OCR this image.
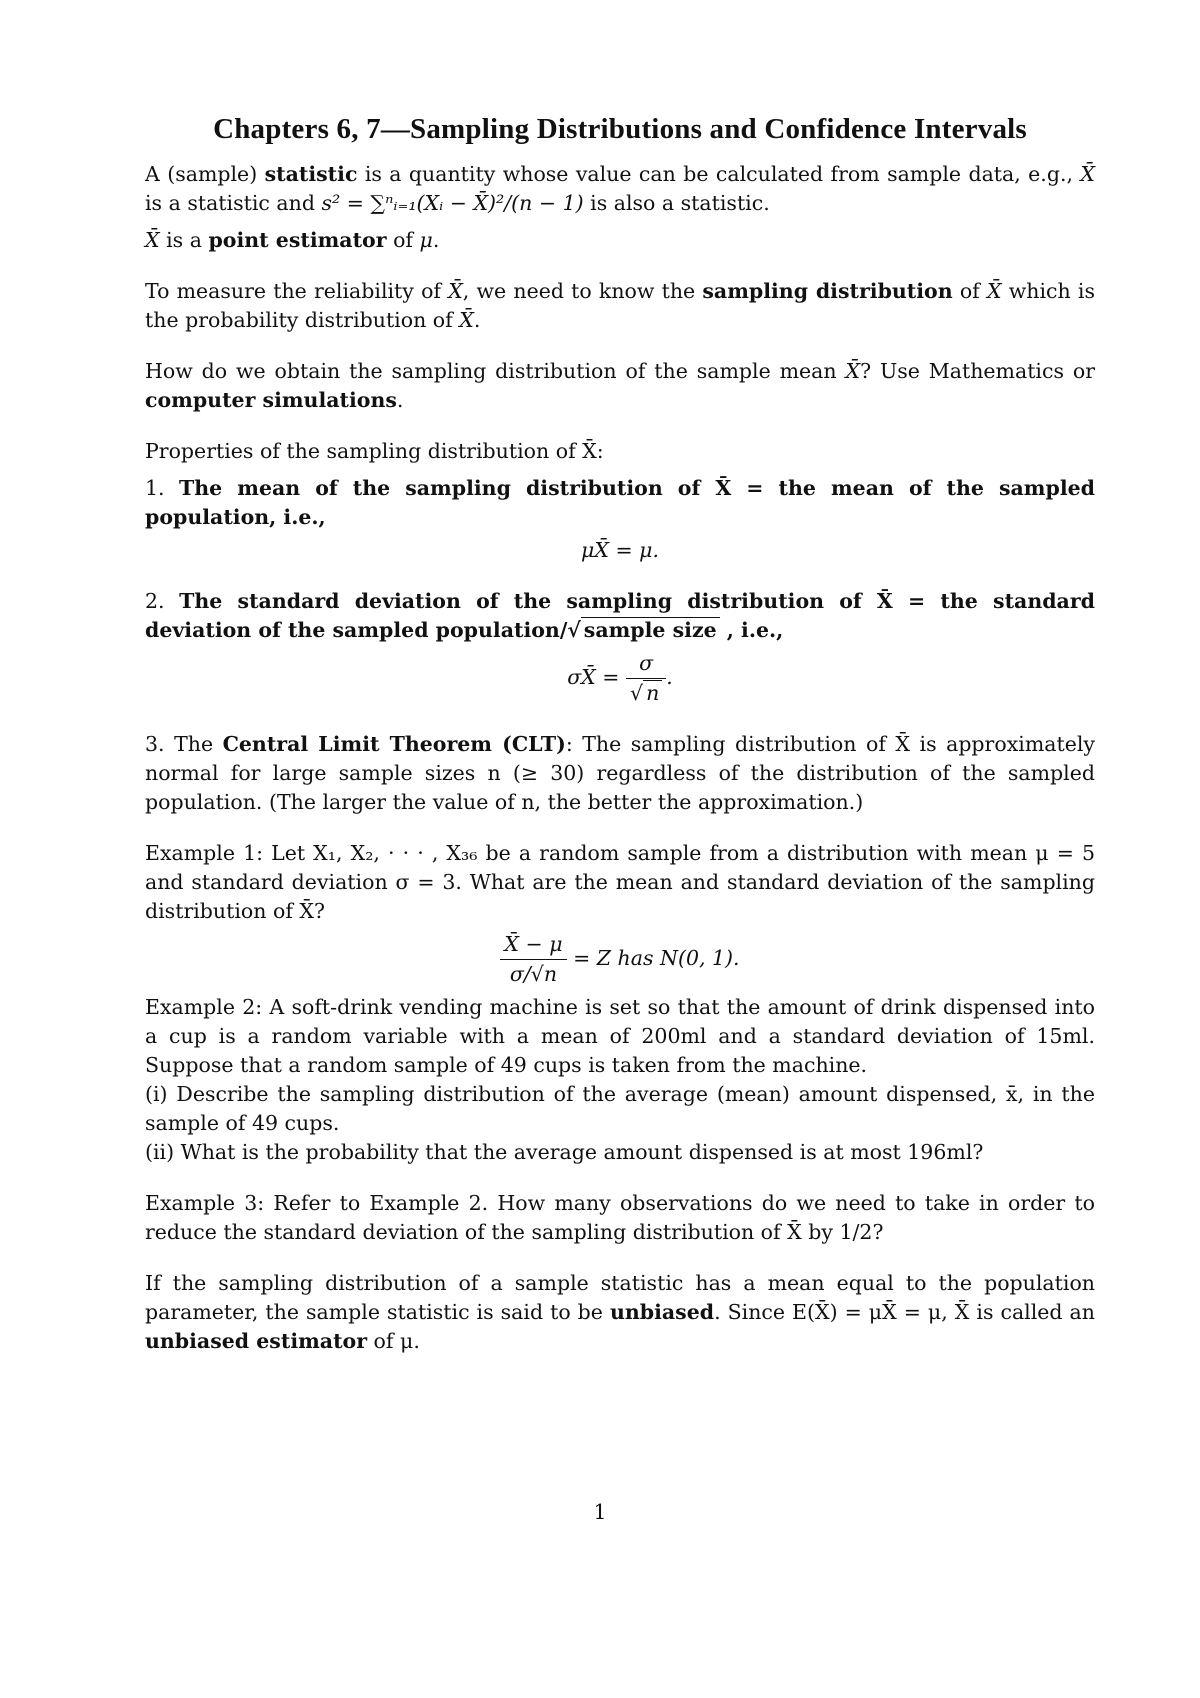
Chapters 6, 7—Sampling Distributions and Confidence Intervals

A (sample) statistic is a quantity whose value can be calculated from sample data, e.g., X̄ is a statistic and s² = ∑ⁿᵢ₌₁(Xᵢ − X̄)²/(n − 1) is also a statistic.

X̄ is a point estimator of μ.

To measure the reliability of X̄, we need to know the sampling distribution of X̄ which is the probability distribution of X̄.

How do we obtain the sampling distribution of the sample mean X̄? Use Mathematics or computer simulations.

Properties of the sampling distribution of X̄:

1. The mean of the sampling distribution of X̄ = the mean of the sampled population, i.e.,

μX̄ = μ.

2. The standard deviation of the sampling distribution of X̄ = the standard deviation of the sampled population/√ sample size , i.e.,

σX̄ = $\frac{\sigma}{√ n}$ .

3. The Central Limit Theorem (CLT): The sampling distribution of X̄ is approximately normal for large sample sizes n (≥ 30) regardless of the distribution of the sampled population. (The larger the value of n, the better the approximation.)

Example 1: Let X₁, X₂, · · · , X₃₆ be a random sample from a distribution with mean μ = 5 and standard deviation σ = 3. What are the mean and standard deviation of the sampling distribution of X̄?

$\frac{X̄ - \mu}{\sigma/√n} = Z$ has N(0, 1).

Example 2: A soft-drink vending machine is set so that the amount of drink dispensed into a cup is a random variable with a mean of 200ml and a standard deviation of 15ml. Suppose that a random sample of 49 cups is taken from the machine.

(i) Describe the sampling distribution of the average (mean) amount dispensed, x̄, in the sample of 49 cups.

(ii) What is the probability that the average amount dispensed is at most 196ml?

Example 3: Refer to Example 2. How many observations do we need to take in order to reduce the standard deviation of the sampling distribution of X̄ by 1/2?

If the sampling distribution of a sample statistic has a mean equal to the population parameter, the sample statistic is said to be unbiased. Since E(X̄) = μX̄ = μ, X̄ is called an unbiased estimator of μ.

1
